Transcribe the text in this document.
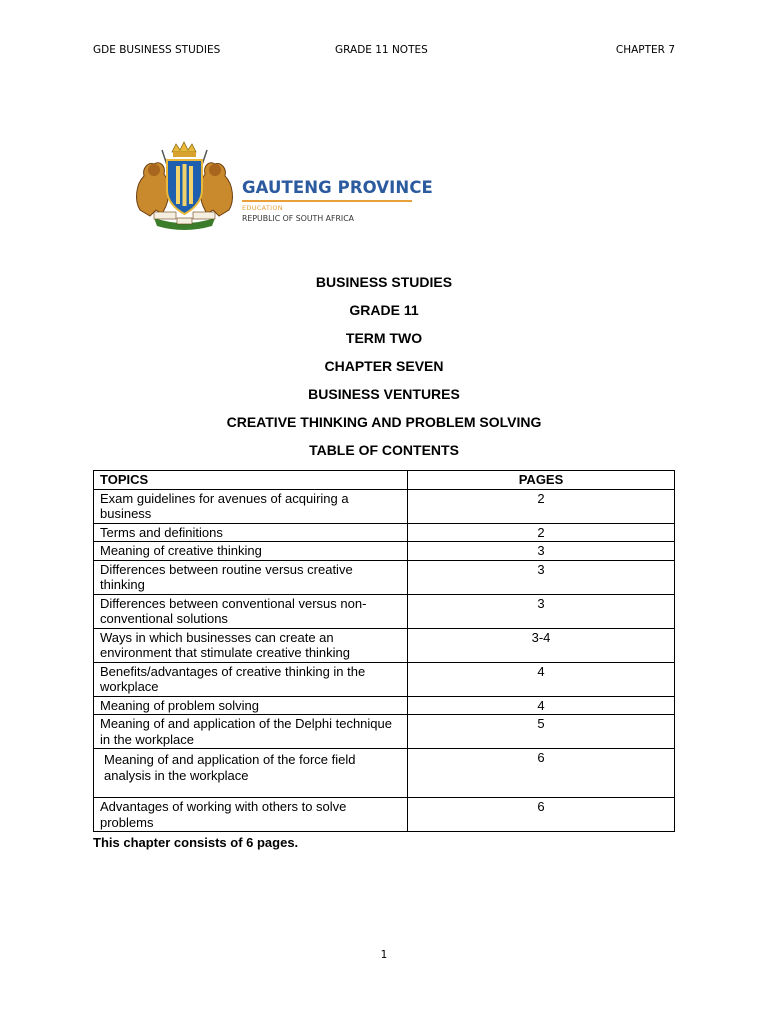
GDE BUSINESS STUDIES	GRADE 11 NOTES	CHAPTER 7
GAUTENG PROVINCE
EDUCATION
REPUBLIC OF SOUTH AFRICA
BUSINESS STUDIES
GRADE 11
TERM TWO
CHAPTER SEVEN
BUSINESS VENTURES
CREATIVE THINKING AND PROBLEM SOLVING
TABLE OF CONTENTS
TOPICS	PAGES
Exam guidelines for avenues of acquiring a business	2
Terms and definitions	2
Meaning of creative thinking	3
Differences between routine versus creative thinking	3
Differences between conventional versus non-conventional solutions	3
Ways in which businesses can create an environment that stimulate creative thinking	3-4
Benefits/advantages of creative thinking in the workplace	4
Meaning of problem solving	4
Meaning of and application of the Delphi technique in the workplace	5
Meaning of and application of the force field analysis in the workplace	6
Advantages of working with others to solve problems	6
This chapter consists of 6 pages.
1
